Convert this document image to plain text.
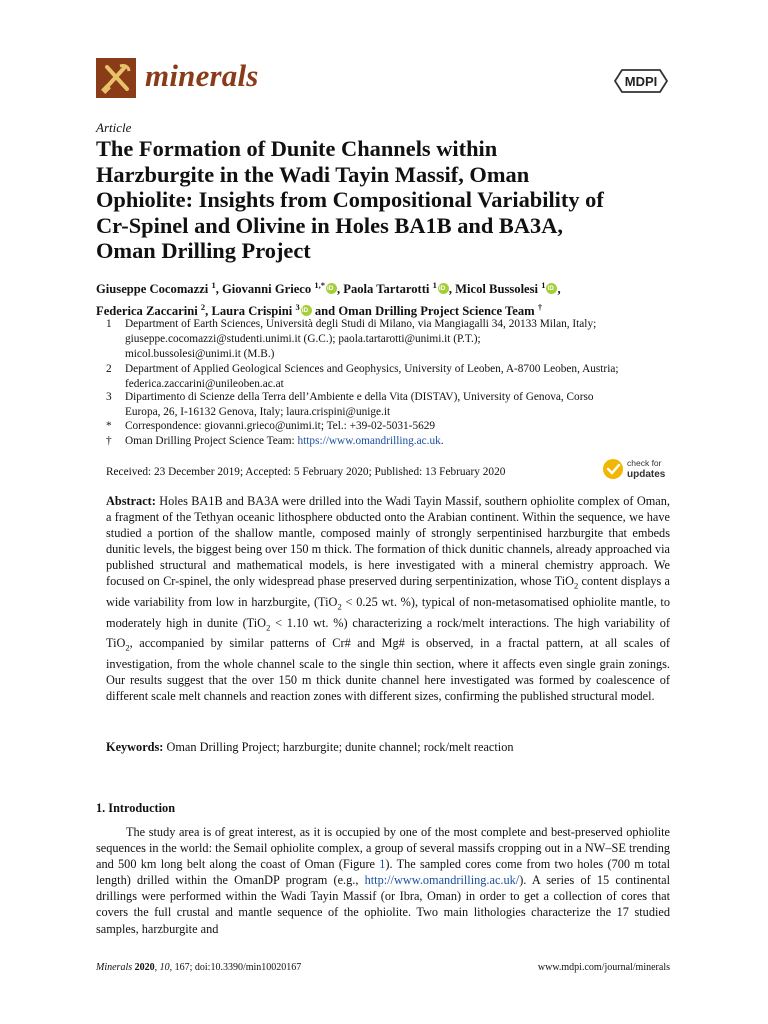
minerals	MDPI
Article
The Formation of Dunite Channels within
Harzburgite in the Wadi Tayin Massif, Oman
Ophiolite: Insights from Compositional Variability of
Cr-Spinel and Olivine in Holes BA1B and BA3A,
Oman Drilling Project
Giuseppe Cocomazzi $^1$, Giovanni Grieco $^{1,*}$ iD , Paola Tartarotti $^1$ iD , Micol Bussolesi $^1$ iD ,
Federica Zaccarini $^2$, Laura Crispini $^3$ iD and Oman Drilling Project Science Team †
1 Department of Earth Sciences, Università degli Studi di Milano, via Mangiagalli 34, 20133 Milan, Italy;
giuseppe.cocomazzi@studenti.unimi.it (G.C.); paola.tartarotti@unimi.it (P.T.);
micol.bussolesi@unimi.it (M.B.)
2 Department of Applied Geological Sciences and Geophysics, University of Leoben, A-8700 Leoben, Austria;
federica.zaccarini@unileoben.ac.at
3 Dipartimento di Scienze della Terra dell’Ambiente e della Vita (DISTAV), University of Genova, Corso
Europa, 26, I-16132 Genova, Italy; laura.crispini@unige.it
* Correspondence: giovanni.grieco@unimi.it; Tel.: +39-02-5031-5629
† Oman Drilling Project Science Team: https://www.omandrilling.ac.uk.
Received: 23 December 2019; Accepted: 5 February 2020; Published: 13 February 2020
check for
updates
Abstract: Holes BA1B and BA3A were drilled into the Wadi Tayin Massif, southern ophiolite complex of Oman, a fragment of the Tethyan oceanic lithosphere obducted onto the Arabian continent. Within the sequence, we have studied a portion of the shallow mantle, composed mainly of strongly serpentinised harzburgite that embeds dunitic levels, the biggest being over 150 m thick. The formation of thick dunitic channels, already approached via published structural and mathematical models, is here investigated with a mineral chemistry approach. We focused on Cr-spinel, the only widespread phase preserved during serpentinization, whose TiO$_2$ content displays a wide variability from low in harzburgite, (TiO$_2$ < 0.25 wt. %), typical of non-metasomatised ophiolite mantle, to moderately high in dunite (TiO$_2$ < 1.10 wt. %) characterizing a rock/melt interactions. The high variability of TiO$_2$, accompanied by similar patterns of Cr# and Mg# is observed, in a fractal pattern, at all scales of investigation, from the whole channel scale to the single thin section, where it affects even single grain zonings. Our results suggest that the over 150 m thick dunite channel here investigated was formed by coalescence of different scale melt channels and reaction zones with different sizes, confirming the published structural model.
Keywords: Oman Drilling Project; harzburgite; dunite channel; rock/melt reaction
1. Introduction
The study area is of great interest, as it is occupied by one of the most complete and best-preserved ophiolite sequences in the world: the Semail ophiolite complex, a group of several massifs cropping out in a NW–SE trending and 500 km long belt along the coast of Oman (Figure 1). The sampled cores come from two holes (700 m total length) drilled within the OmanDP program (e.g., http://www.omandrilling.ac.uk/). A series of 15 continental drillings were performed within the Wadi Tayin Massif (or Ibra, Oman) in order to get a collection of cores that covers the full crustal and mantle sequence of the ophiolite. Two main lithologies characterize the 17 studied samples, harzburgite and
Minerals 2020, 10, 167; doi:10.3390/min10020167	www.mdpi.com/journal/minerals
